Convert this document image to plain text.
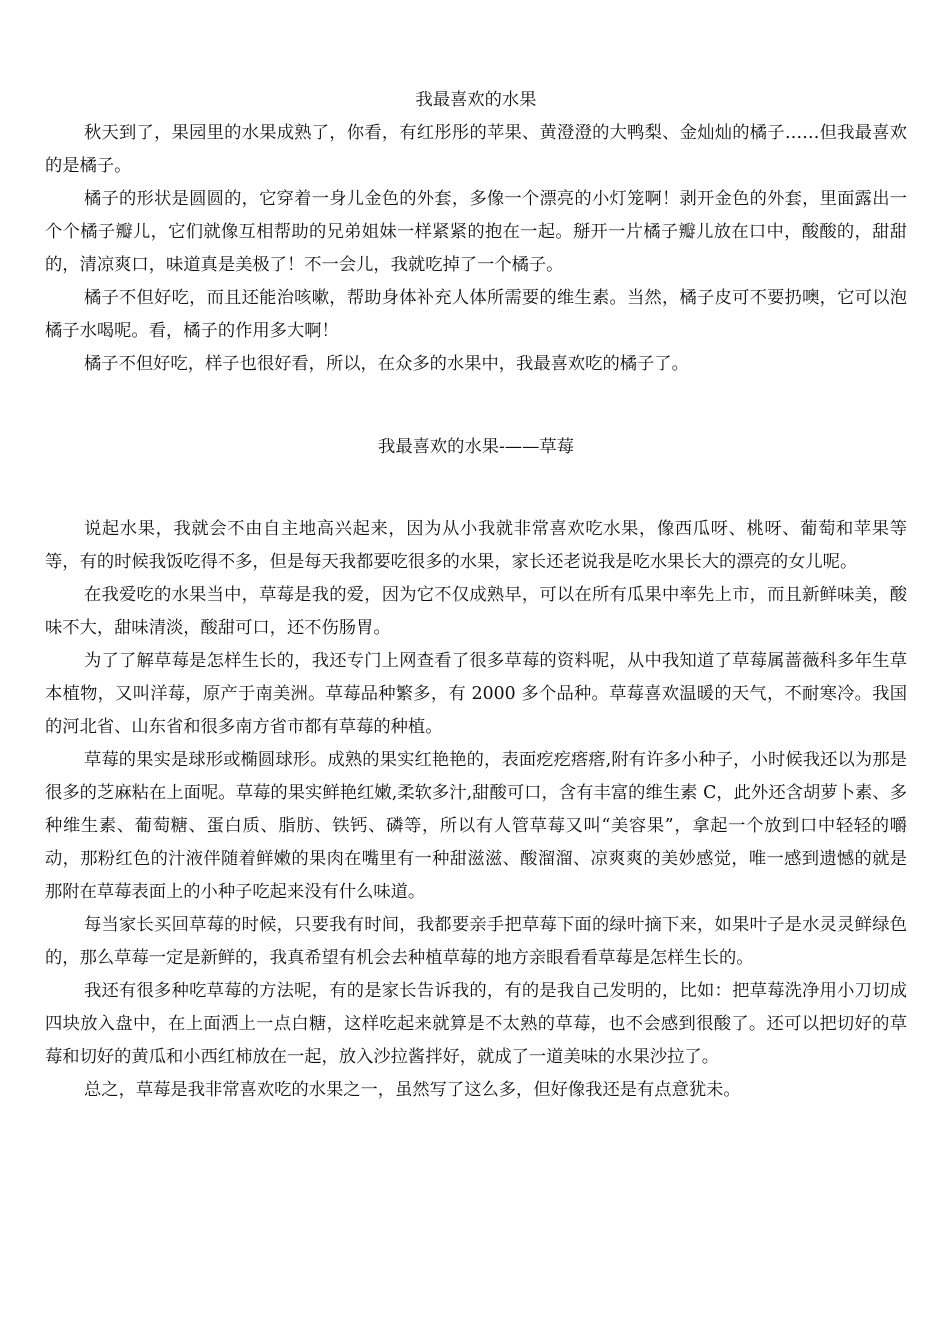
我最喜欢的水果

秋天到了，果园里的水果成熟了，你看，有红彤彤的苹果、黄澄澄的大鸭梨、金灿灿的橘子……但我最喜欢的是橘子。

橘子的形状是圆圆的，它穿着一身儿金色的外套，多像一个漂亮的小灯笼啊！剥开金色的外套，里面露出一个个橘子瓣儿，它们就像互相帮助的兄弟姐妹一样紧紧的抱在一起。掰开一片橘子瓣儿放在口中，酸酸的，甜甜的，清凉爽口，味道真是美极了！不一会儿，我就吃掉了一个橘子。

橘子不但好吃，而且还能治咳嗽，帮助身体补充人体所需要的维生素。当然，橘子皮可不要扔噢，它可以泡橘子水喝呢。看，橘子的作用多大啊！

橘子不但好吃，样子也很好看，所以，在众多的水果中，我最喜欢吃的橘子了。

我最喜欢的水果-——草莓

说起水果，我就会不由自主地高兴起来，因为从小我就非常喜欢吃水果，像西瓜呀、桃呀、葡萄和苹果等等，有的时候我饭吃得不多，但是每天我都要吃很多的水果，家长还老说我是吃水果长大的漂亮的女儿呢。

在我爱吃的水果当中，草莓是我的爱，因为它不仅成熟早，可以在所有瓜果中率先上市，而且新鲜味美，酸味不大，甜味清淡，酸甜可口，还不伤肠胃。

为了了解草莓是怎样生长的，我还专门上网查看了很多草莓的资料呢，从中我知道了草莓属蔷薇科多年生草本植物，又叫洋莓，原产于南美洲。草莓品种繁多，有 2000 多个品种。草莓喜欢温暖的天气，不耐寒冷。我国的河北省、山东省和很多南方省市都有草莓的种植。

草莓的果实是球形或椭圆球形。成熟的果实红艳艳的，表面疙疙瘩瘩,附有许多小种子，小时候我还以为那是很多的芝麻粘在上面呢。草莓的果实鲜艳红嫩,柔软多汁,甜酸可口，含有丰富的维生素 C，此外还含胡萝卜素、多种维生素、葡萄糖、蛋白质、脂肪、铁钙、磷等，所以有人管草莓又叫“美容果”，拿起一个放到口中轻轻的嚼动，那粉红色的汁液伴随着鲜嫩的果肉在嘴里有一种甜滋滋、酸溜溜、凉爽爽的美妙感觉，唯一感到遗憾的就是那附在草莓表面上的小种子吃起来没有什么味道。

每当家长买回草莓的时候，只要我有时间，我都要亲手把草莓下面的绿叶摘下来，如果叶子是水灵灵鲜绿色的，那么草莓一定是新鲜的，我真希望有机会去种植草莓的地方亲眼看看草莓是怎样生长的。

我还有很多种吃草莓的方法呢，有的是家长告诉我的，有的是我自己发明的，比如：把草莓洗净用小刀切成四块放入盘中，在上面洒上一点白糖，这样吃起来就算是不太熟的草莓，也不会感到很酸了。还可以把切好的草莓和切好的黄瓜和小西红柿放在一起，放入沙拉酱拌好，就成了一道美味的水果沙拉了。

总之，草莓是我非常喜欢吃的水果之一，虽然写了这么多，但好像我还是有点意犹未。
